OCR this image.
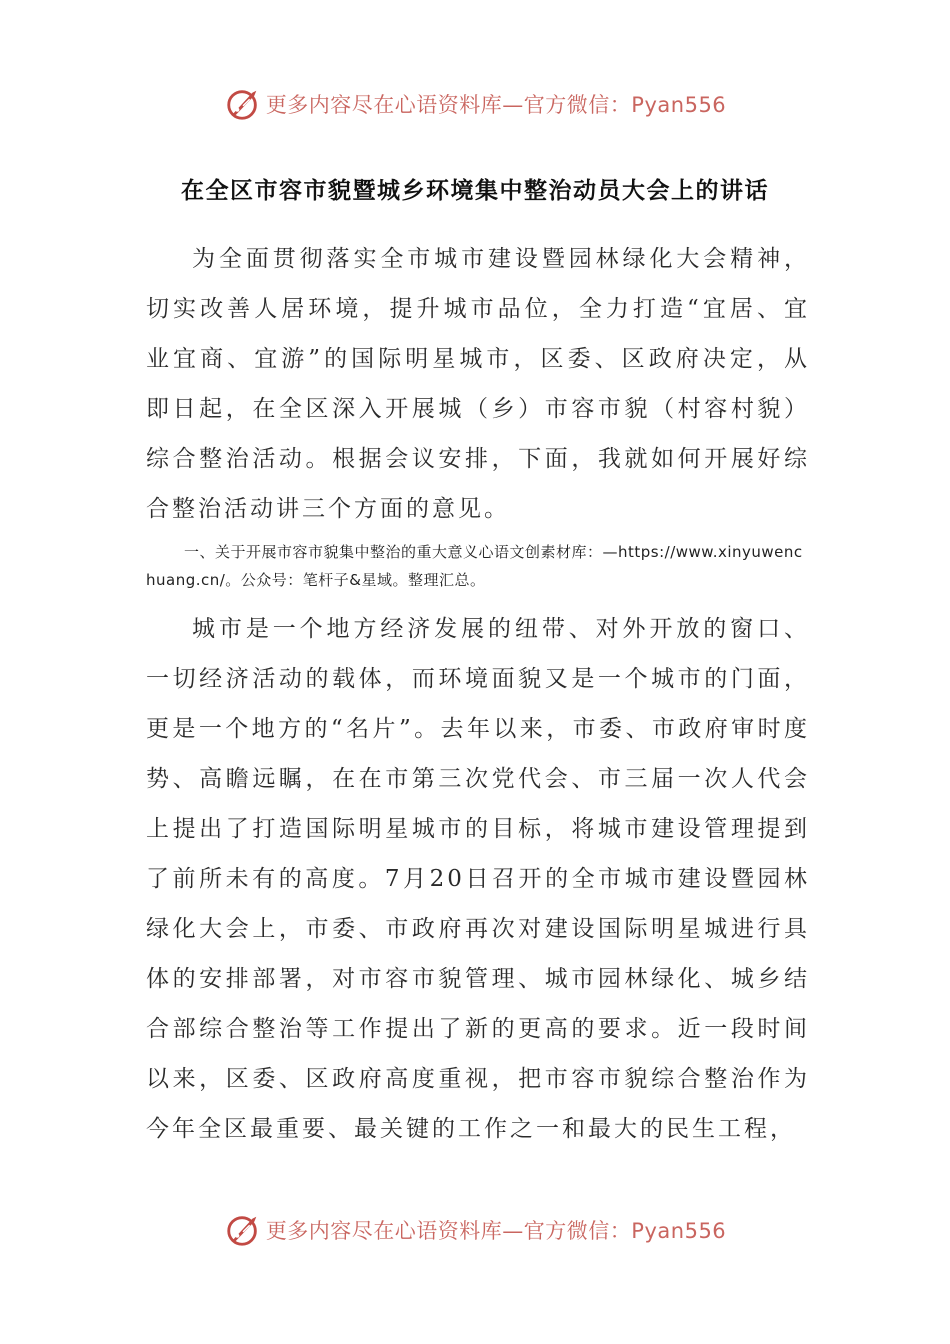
更多内容尽在心语资料库—官方微信：Pyan556
在全区市容市貌暨城乡环境集中整治动员大会上的讲话

为全面贯彻落实全市城市建设暨园林绿化大会精神，切实改善人居环境，提升城市品位，全力打造“宜居、宜业宜商、宜游”的国际明星城市，区委、区政府决定，从即日起，在全区深入开展城（乡）市容市貌（村容村貌）综合整治活动。根据会议安排，下面，我就如何开展好综合整治活动讲三个方面的意见。

一、关于开展市容市貌集中整治的重大意义心语文创素材库：—https://www.xinyuwenchuang.cn/。公众号：笔杆子&星域。整理汇总。

城市是一个地方经济发展的纽带、对外开放的窗口、一切经济活动的载体，而环境面貌又是一个城市的门面，更是一个地方的“名片”。去年以来，市委、市政府审时度势、高瞻远瞩，在在市第三次党代会、市三届一次人代会上提出了打造国际明星城市的目标，将城市建设管理提到了前所未有的高度。7月20日召开的全市城市建设暨园林绿化大会上，市委、市政府再次对建设国际明星城进行具体的安排部署，对市容市貌管理、城市园林绿化、城乡结合部综合整治等工作提出了新的更高的要求。近一段时间以来，区委、区政府高度重视，把市容市貌综合整治作为今年全区最重要、最关键的工作之一和最大的民生工程，

更多内容尽在心语资料库—官方微信：Pyan556
